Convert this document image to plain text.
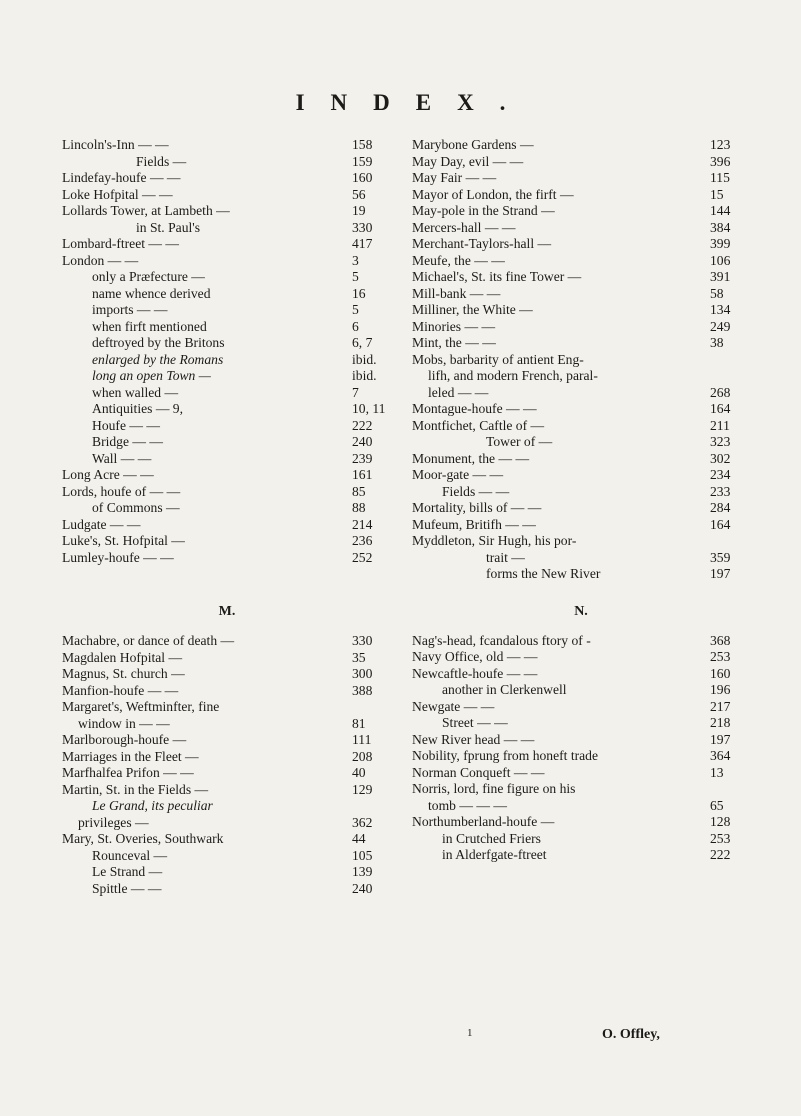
INDEX.
Lincoln's-Inn — —	158
Fields —	159
Lindefay-houfe — —	160
Loke Hofpital — —	56
Lollards Tower, at Lambeth —	19
in St. Paul's	330
Lombard-ftreet — —	417
London — —	3
only a Præfecture —	5
name whence derived	16
imports — —	5
when firft mentioned	6
deftroyed by the Britons	6, 7
enlarged by the Romans	ibid.
long an open Town —	ibid.
when walled —	7
Antiquities — 9,	10, 11
Houfe — —	222
Bridge — —	240
Wall — —	239
Long Acre — —	161
Lords, houfe of — —	85
of Commons —	88
Ludgate — —	214
Luke's, St. Hofpital —	236
Lumley-houfe — —	252
M.
Machabre, or dance of death —	330
Magdalen Hofpital —	35
Magnus, St. church —	300
Manfion-houfe — —	388
Margaret's, Weftminfter, fine
window in — —	81
Marlborough-houfe —	111
Marriages in the Fleet —	208
Marfhalfea Prifon — —	40
Martin, St. in the Fields —	129
Le Grand, its peculiar
privileges —	362
Mary, St. Overies, Southwark	44
Rounceval —	105
Le Strand —	139
Spittle — —	240
Marybone Gardens —	123
May Day, evil — —	396
May Fair — —	115
Mayor of London, the firft —	15
May-pole in the Strand —	144
Mercers-hall — —	384
Merchant-Taylors-hall —	399
Meufe, the — —	106
Michael's, St. its fine Tower —	391
Mill-bank — —	58
Milliner, the White —	134
Minories — —	249
Mint, the — —	38
Mobs, barbarity of antient Eng-
lifh, and modern French, paral-
leled — —	268
Montague-houfe — —	164
Montfichet, Caftle of —	211
Tower of —	323
Monument, the — —	302
Moor-gate — —	234
Fields — —	233
Mortality, bills of — —	284
Mufeum, Britifh — —	164
Myddleton, Sir Hugh, his por-
trait —	359
forms the New River	197
N.
Nag's-head, fcandalous ftory of -	368
Navy Office, old — —	253
Newcaftle-houfe — —	160
another in Clerkenwell	196
Newgate — —	217
Street — —	218
New River head — —	197
Nobility, fprung from honeft trade	364
Norman Conqueft — —	13
Norris, lord, fine figure on his
tomb — — —	65
Northumberland-houfe —	128
in Crutched Friers	253
in Alderfgate-ftreet	222
1	O. Offley,
